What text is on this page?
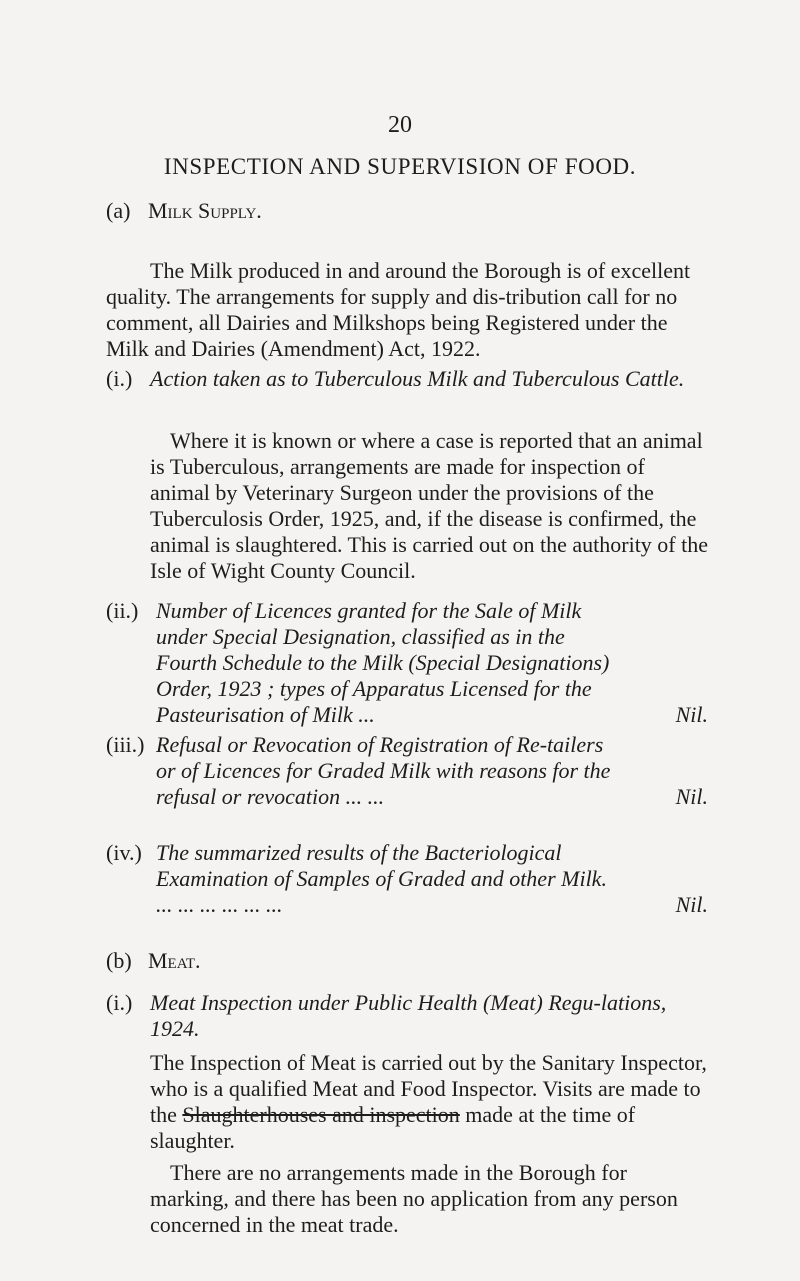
20
INSPECTION AND SUPERVISION OF FOOD.
(a) Milk Supply.
The Milk produced in and around the Borough is of excellent quality. The arrangements for supply and dis-tribution call for no comment, all Dairies and Milkshops being Registered under the Milk and Dairies (Amendment) Act, 1922.
(i.) Action taken as to Tuberculous Milk and Tuberculous Cattle.
Where it is known or where a case is reported that an animal is Tuberculous, arrangements are made for inspection of animal by Veterinary Surgeon under the provisions of the Tuberculosis Order, 1925, and, if the disease is confirmed, the animal is slaughtered. This is carried out on the authority of the Isle of Wight County Council.
(ii.) Number of Licences granted for the Sale of Milk under Special Designation, classified as in the Fourth Schedule to the Milk (Special Designations) Order, 1923 ; types of Apparatus Licensed for the Pasteurisation of Milk ...	Nil.
(iii.) Refusal or Revocation of Registration of Re-tailers or of Licences for Graded Milk with reasons for the refusal or revocation ... ...	Nil.
(iv.) The summarized results of the Bacteriological Examination of Samples of Graded and other Milk. ... ... ... ... ... ...	Nil.
(b) Meat.
(i.) Meat Inspection under Public Health (Meat) Regu-lations, 1924.
The Inspection of Meat is carried out by the Sanitary Inspector, who is a qualified Meat and Food Inspector. Visits are made to the Slaughterhouses and inspection made at the time of slaughter.
There are no arrangements made in the Borough for marking, and there has been no application from any person concerned in the meat trade.
